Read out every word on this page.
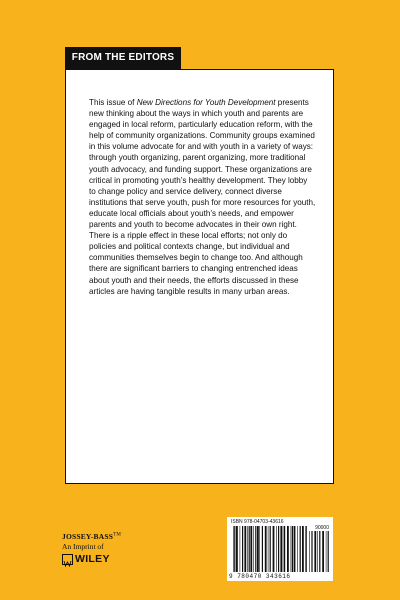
FROM THE EDITORS

This issue of New Directions for Youth Development presents new thinking about the ways in which youth and parents are engaged in local reform, particularly education reform, with the help of community organizations. Community groups examined in this volume advocate for and with youth in a variety of ways: through youth organizing, parent organizing, more traditional youth advocacy, and funding support. These organizations are critical in promoting youth’s healthy development. They lobby to change policy and service delivery, connect diverse institutions that serve youth, push for more resources for youth, educate local officials about youth’s needs, and empower parents and youth to become advocates in their own right. There is a ripple effect in these local efforts; not only do policies and political contexts change, but individual and communities themselves begin to change too. And although there are significant barriers to changing entrenched ideas about youth and their needs, the efforts discussed in these articles are having tangible results in many urban areas.

JOSSEY-BASS™
An Imprint of
WILEY
ISBN 978-04703-43616
90000
9 780470 343616
